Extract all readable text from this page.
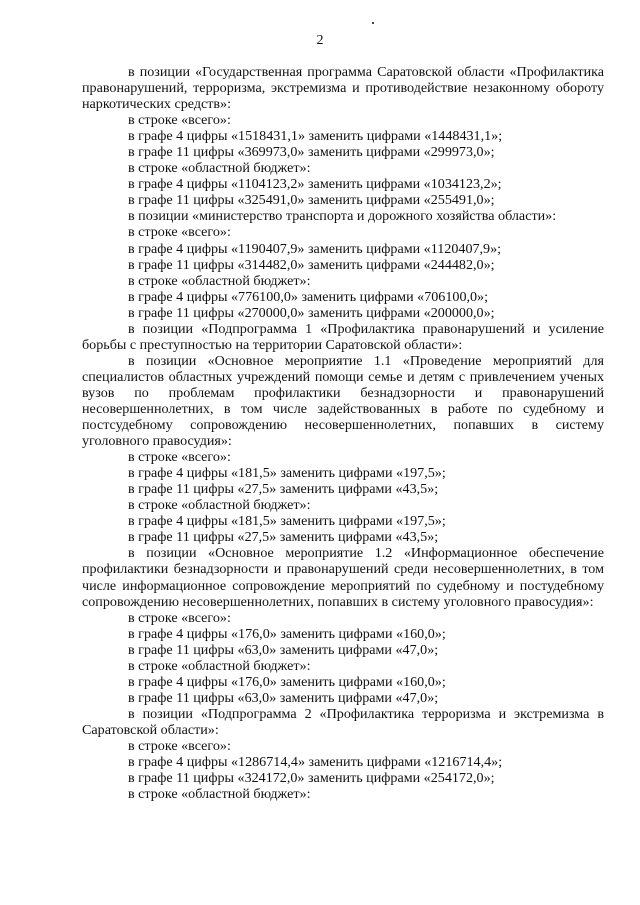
2

в позиции «Государственная программа Саратовской области «Профилактика правонарушений, терроризма, экстремизма и противодействие незаконному обороту наркотических средств»:

в строке «всего»:

в графе 4 цифры «1518431,1» заменить цифрами «1448431,1»;

в графе 11 цифры «369973,0» заменить цифрами «299973,0»;

в строке «областной бюджет»:

в графе 4 цифры «1104123,2» заменить цифрами «1034123,2»;

в графе 11 цифры «325491,0» заменить цифрами «255491,0»;

в позиции «министерство транспорта и дорожного хозяйства области»:

в строке «всего»:

в графе 4 цифры «1190407,9» заменить цифрами «1120407,9»;

в графе 11 цифры «314482,0» заменить цифрами «244482,0»;

в строке «областной бюджет»:

в графе 4 цифры «776100,0» заменить цифрами «706100,0»;

в графе 11 цифры «270000,0» заменить цифрами «200000,0»;

в позиции «Подпрограмма 1 «Профилактика правонарушений и усиление борьбы с преступностью на территории Саратовской области»:

в позиции «Основное мероприятие 1.1 «Проведение мероприятий для специалистов областных учреждений помощи семье и детям с привлечением ученых вузов по проблемам профилактики безнадзорности и правонарушений несовершеннолетних, в том числе задействованных в работе по судебному и постсудебному сопровождению несовершеннолетних, попавших в систему уголовного правосудия»:

в строке «всего»:

в графе 4 цифры «181,5» заменить цифрами «197,5»;

в графе 11 цифры «27,5» заменить цифрами «43,5»;

в строке «областной бюджет»:

в графе 4 цифры «181,5» заменить цифрами «197,5»;

в графе 11 цифры «27,5» заменить цифрами «43,5»;

в позиции «Основное мероприятие 1.2 «Информационное обеспечение профилактики безнадзорности и правонарушений среди несовершеннолетних, в том числе информационное сопровождение мероприятий по судебному и постудебному сопровождению несовершеннолетних, попавших в систему уголовного правосудия»:

в строке «всего»:

в графе 4 цифры «176,0» заменить цифрами «160,0»;

в графе 11 цифры «63,0» заменить цифрами «47,0»;

в строке «областной бюджет»:

в графе 4 цифры «176,0» заменить цифрами «160,0»;

в графе 11 цифры «63,0» заменить цифрами «47,0»;

в позиции «Подпрограмма 2 «Профилактика терроризма и экстремизма в Саратовской области»:

в строке «всего»:

в графе 4 цифры «1286714,4» заменить цифрами «1216714,4»;

в графе 11 цифры «324172,0» заменить цифрами «254172,0»;

в строке «областной бюджет»:
